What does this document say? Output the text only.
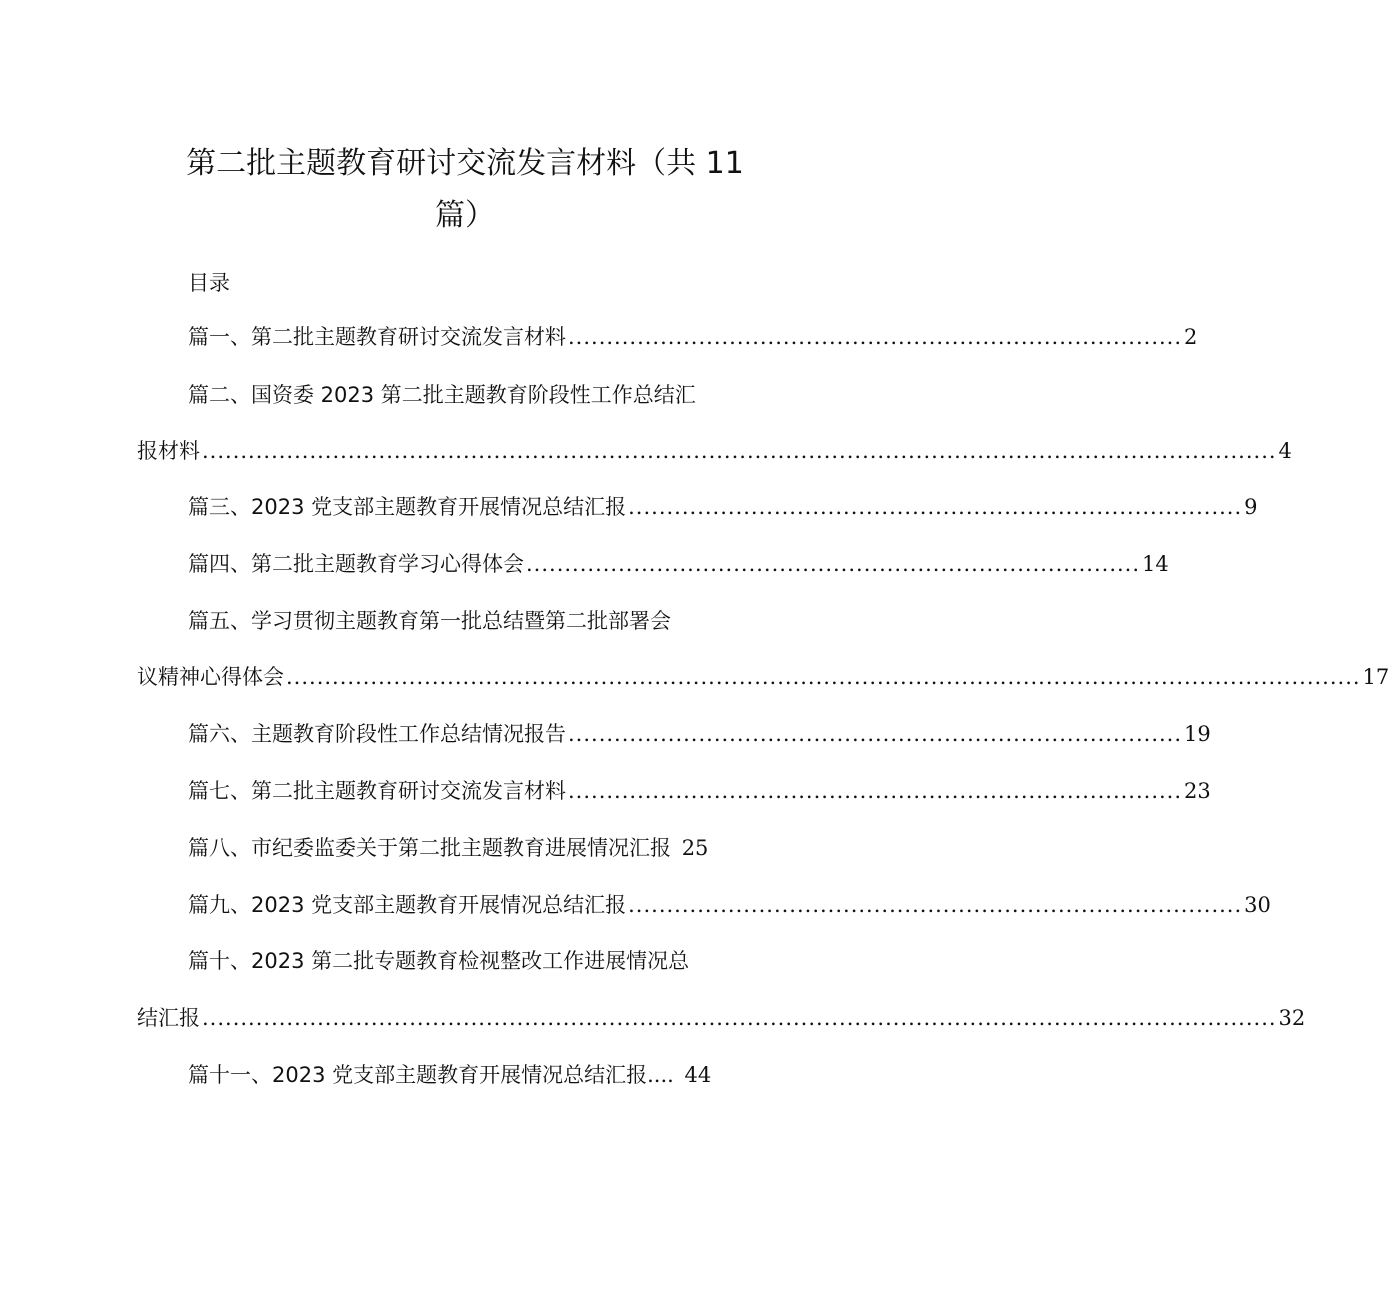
第二批主题教育研讨交流发言材料（共 11 篇）
目录
篇一、第二批主题教育研讨交流发言材料 ................................................................................ 2
篇二、国资委 2023 第二批主题教育阶段性工作总结汇
报材料 ............................................................................................................................................ 4
篇三、2023 党支部主题教育开展情况总结汇报 ................................................................................ 9
篇四、第二批主题教育学习心得体会 ................................................................................ 14
篇五、学习贯彻主题教育第一批总结暨第二批部署会
议精神心得体会 ............................................................................................................................................ 17
篇六、主题教育阶段性工作总结情况报告 ................................................................................ 19
篇七、第二批主题教育研讨交流发言材料 ................................................................................ 23
篇八、市纪委监委关于第二批主题教育进展情况汇报 25
篇九、2023 党支部主题教育开展情况总结汇报 ................................................................................ 30
篇十、2023 第二批专题教育检视整改工作进展情况总
结汇报 ............................................................................................................................................ 32
篇十一、2023 党支部主题教育开展情况总结汇报.... 44
